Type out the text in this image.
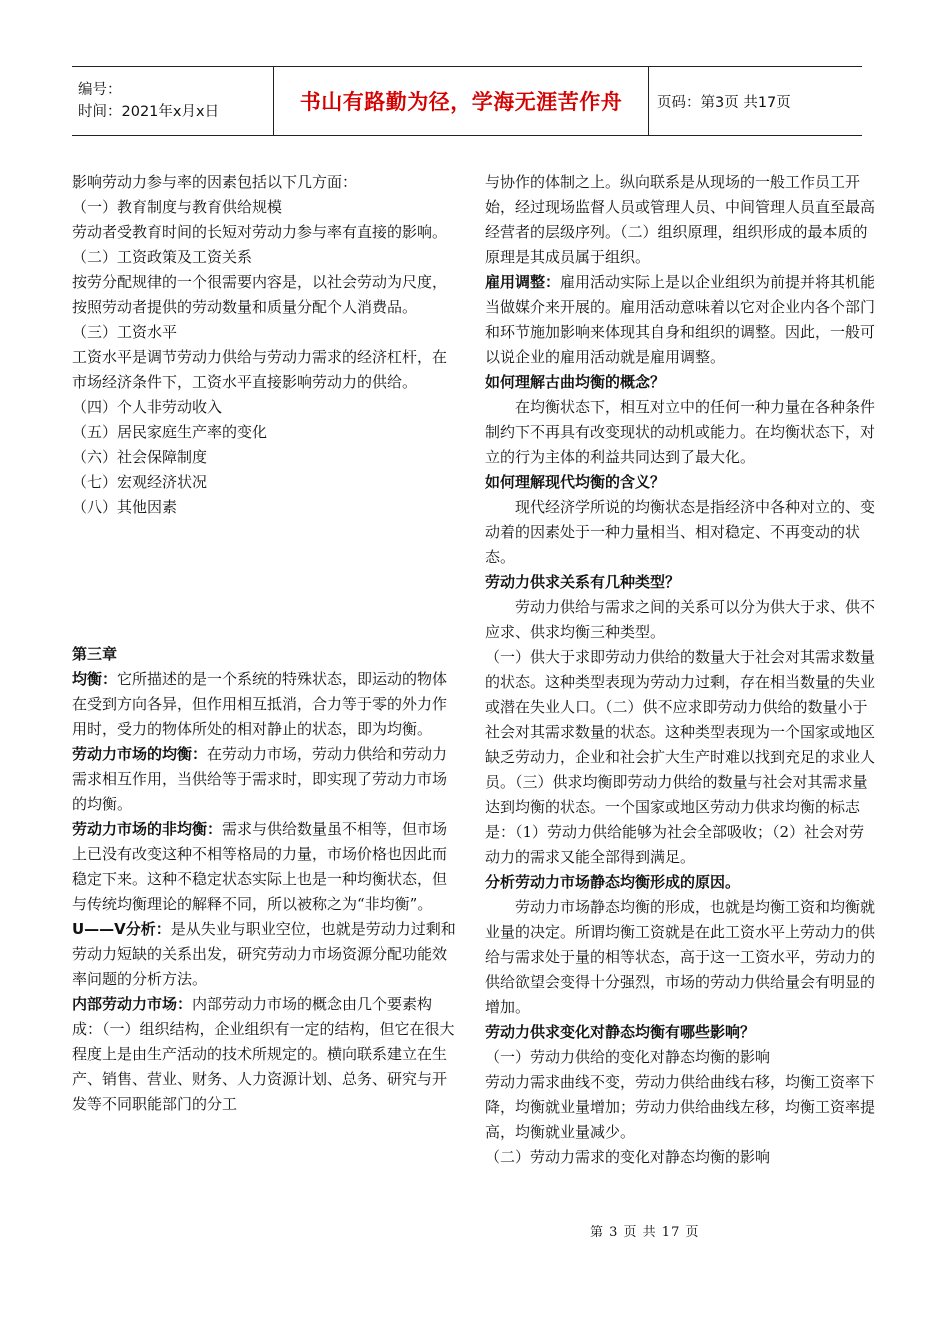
编号：
时间：2021年x月x日	书山有路勤为径，学海无涯苦作舟	页码：第3页 共17页

影响劳动力参与率的因素包括以下几方面：

（一）教育制度与教育供给规模

劳动者受教育时间的长短对劳动力参与率有直接的影响。

（二）工资政策及工资关系

按劳分配规律的一个很需要内容是，以社会劳动为尺度，按照劳动者提供的劳动数量和质量分配个人消费品。

（三）工资水平

工资水平是调节劳动力供给与劳动力需求的经济杠杆，在市场经济条件下，工资水平直接影响劳动力的供给。

（四）个人非劳动收入

（五）居民家庭生产率的变化

（六）社会保障制度

（七）宏观经济状况

（八）其他因素

第三章

均衡：它所描述的是一个系统的特殊状态，即运动的物体在受到方向各异，但作用相互抵消，合力等于零的外力作用时，受力的物体所处的相对静止的状态，即为均衡。

劳动力市场的均衡：在劳动力市场，劳动力供给和劳动力需求相互作用，当供给等于需求时，即实现了劳动力市场的均衡。

劳动力市场的非均衡：需求与供给数量虽不相等，但市场上已没有改变这种不相等格局的力量，市场价格也因此而稳定下来。这种不稳定状态实际上也是一种均衡状态，但与传统均衡理论的解释不同，所以被称之为“非均衡”。

U——V分析：是从失业与职业空位，也就是劳动力过剩和劳动力短缺的关系出发，研究劳动力市场资源分配功能效率问题的分析方法。

内部劳动力市场：内部劳动力市场的概念由几个要素构成：（一）组织结构，企业组织有一定的结构，但它在很大程度上是由生产活动的技术所规定的。横向联系建立在生产、销售、营业、财务、人力资源计划、总务、研究与开发等不同职能部门的分工

与协作的体制之上。纵向联系是从现场的一般工作员工开始，经过现场监督人员或管理人员、中间管理人员直至最高经营者的层级序列。（二）组织原理，组织形成的最本质的原理是其成员属于组织。

雇用调整：雇用活动实际上是以企业组织为前提并将其机能当做媒介来开展的。雇用活动意味着以它对企业内各个部门和环节施加影响来体现其自身和组织的调整。因此，一般可以说企业的雇用活动就是雇用调整。

如何理解古曲均衡的概念？

在均衡状态下，相互对立中的任何一种力量在各种条件制约下不再具有改变现状的动机或能力。在均衡状态下，对立的行为主体的利益共同达到了最大化。

如何理解现代均衡的含义？

现代经济学所说的均衡状态是指经济中各种对立的、变动着的因素处于一种力量相当、相对稳定、不再变动的状态。

劳动力供求关系有几种类型？

劳动力供给与需求之间的关系可以分为供大于求、供不应求、供求均衡三种类型。

（一）供大于求即劳动力供给的数量大于社会对其需求数量的状态。这种类型表现为劳动力过剩，存在相当数量的失业或潜在失业人口。（二）供不应求即劳动力供给的数量小于社会对其需求数量的状态。这种类型表现为一个国家或地区缺乏劳动力，企业和社会扩大生产时难以找到充足的求业人员。（三）供求均衡即劳动力供给的数量与社会对其需求量达到均衡的状态。一个国家或地区劳动力供求均衡的标志是：（1）劳动力供给能够为社会全部吸收；（2）社会对劳动力的需求又能全部得到满足。

分析劳动力市场静态均衡形成的原因。

劳动力市场静态均衡的形成，也就是均衡工资和均衡就业量的决定。所谓均衡工资就是在此工资水平上劳动力的供给与需求处于量的相等状态，高于这一工资水平，劳动力的供给欲望会变得十分强烈，市场的劳动力供给量会有明显的增加。

劳动力供求变化对静态均衡有哪些影响？

（一）劳动力供给的变化对静态均衡的影响

劳动力需求曲线不变，劳动力供给曲线右移，均衡工资率下降，均衡就业量增加；劳动力供给曲线左移，均衡工资率提高，均衡就业量减少。

（二）劳动力需求的变化对静态均衡的影响

第 3 页 共 17 页
